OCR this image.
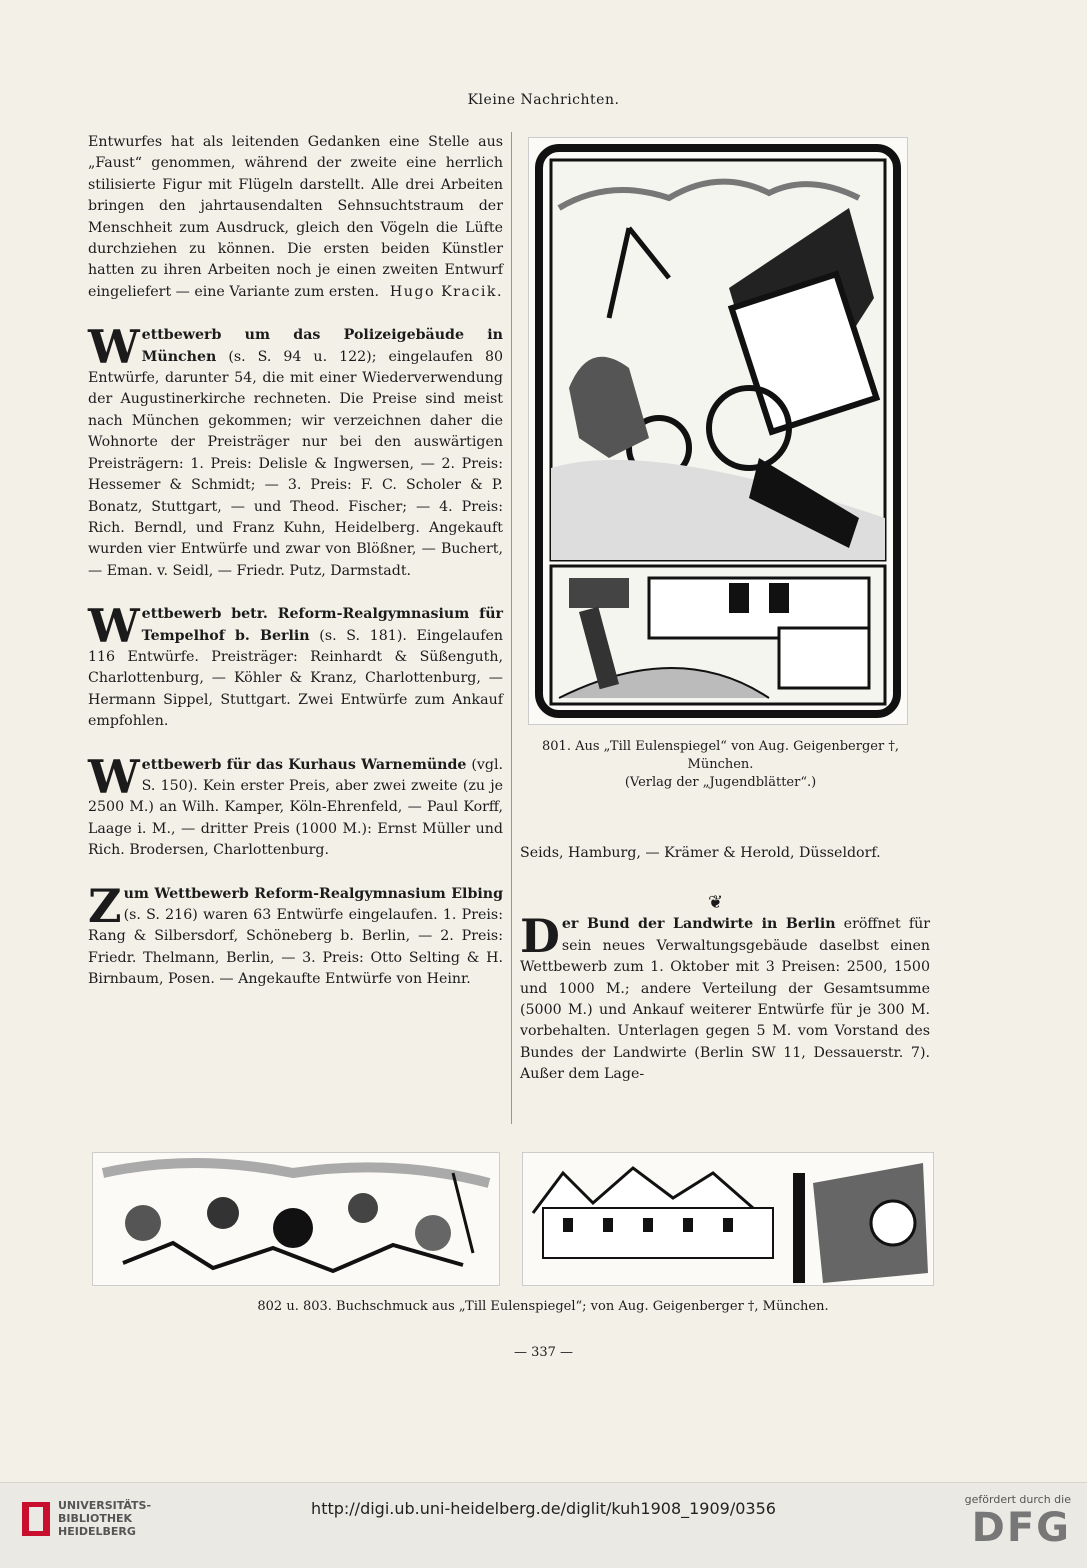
Kleine Nachrichten.

Entwurfes hat als leitenden Gedanken eine Stelle aus „Faust“ genommen, während der zweite eine herrlich stilisierte Figur mit Flügeln darstellt. Alle drei Arbeiten bringen den jahrtausendalten Sehnsuchtstraum der Menschheit zum Ausdruck, gleich den Vögeln die Lüfte durchziehen zu können. Die ersten beiden Künstler hatten zu ihren Arbeiten noch je einen zweiten Entwurf eingeliefert — eine Variante zum ersten. Hugo Kracik.

W ettbewerb um das Polizeigebäude in München (s. S. 94 u. 122); eingelaufen 80 Entwürfe, darunter 54, die mit einer Wiederverwendung der Augustinerkirche rechneten. Die Preise sind meist nach München gekommen; wir verzeichnen daher die Wohnorte der Preisträger nur bei den auswärtigen Preisträgern: 1. Preis: Delisle & Ingwersen, — 2. Preis: Hessemer & Schmidt; — 3. Preis: F. C. Scholer & P. Bonatz, Stuttgart, — und Theod. Fischer; — 4. Preis: Rich. Berndl, und Franz Kuhn, Heidelberg. Angekauft wurden vier Entwürfe und zwar von Blößner, — Buchert, — Eman. v. Seidl, — Friedr. Putz, Darmstadt.

W ettbewerb betr. Reform-Realgymnasium für Tempelhof b. Berlin (s. S. 181). Eingelaufen 116 Entwürfe. Preisträger: Reinhardt & Süßenguth, Charlottenburg, — Köhler & Kranz, Charlottenburg, — Hermann Sippel, Stuttgart. Zwei Entwürfe zum Ankauf empfohlen.

W ettbewerb für das Kurhaus Warnemünde (vgl. S. 150). Kein erster Preis, aber zwei zweite (zu je 2500 M.) an Wilh. Kamper, Köln-Ehrenfeld, — Paul Korff, Laage i. M., — dritter Preis (1000 M.): Ernst Müller und Rich. Brodersen, Charlottenburg.

Z um Wettbewerb Reform-Realgymnasium Elbing (s. S. 216) waren 63 Entwürfe eingelaufen. 1. Preis: Rang & Silbersdorf, Schöneberg b. Berlin, — 2. Preis: Friedr. Thelmann, Berlin, — 3. Preis: Otto Selting & H. Birnbaum, Posen. — Angekaufte Entwürfe von Heinr.

801. Aus „Till Eulenspiegel“ von Aug. Geigenberger †, München.
(Verlag der „Jugendblätter“.)

Seids, Hamburg, — Krämer & Herold, Düsseldorf.

D er Bund der Landwirte in Berlin eröffnet für sein neues Verwaltungsgebäude daselbst einen Wettbewerb zum 1. Oktober mit 3 Preisen: 2500, 1500 und 1000 M.; andere Verteilung der Gesamtsumme (5000 M.) und Ankauf weiterer Entwürfe für je 300 M. vorbehalten. Unterlagen gegen 5 M. vom Vorstand des Bundes der Landwirte (Berlin SW 11, Dessauerstr. 7). Außer dem Lage-

❦
802 u. 803. Buchschmuck aus „Till Eulenspiegel“; von Aug. Geigenberger †, München.
— 337 —
UNIVERSITÄTS-
BIBLIOTHEK
HEIDELBERG
http://digi.ub.uni-heidelberg.de/diglit/kuh1908_1909/0356	gefördert durch die
DFG
